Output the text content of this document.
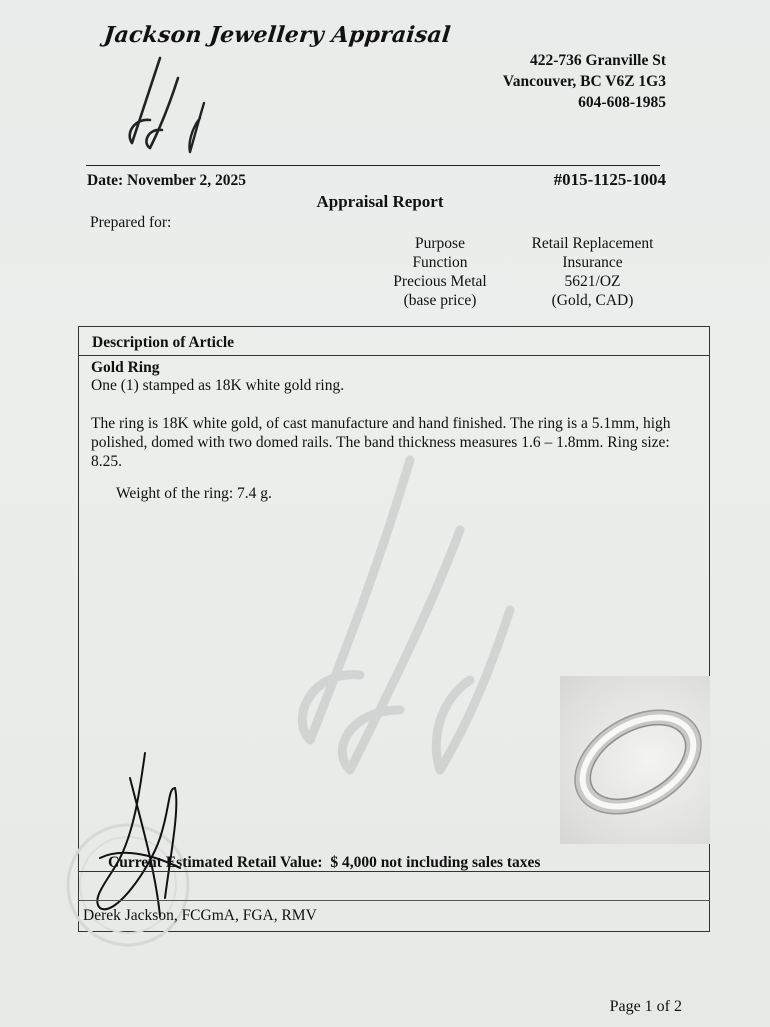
Jackson Jewellery Appraisal
422-736 Granville St
Vancouver, BC V6Z 1G3
604-608-1985
Date: November 2, 2025	#015-1125-1004
Appraisal Report
Prepared for:
Purpose
Function
Precious Metal
(base price)
Retail Replacement
Insurance
5621/OZ
(Gold, CAD)
Description of Article
Gold Ring

One (1) stamped as 18K white gold ring.

The ring is 18K white gold, of cast manufacture and hand finished. The ring is a 5.1mm, high polished, domed with two domed rails. The band thickness measures 1.6 – 1.8mm. Ring size: 8.25.

Weight of the ring: 7.4 g.
Current Estimated Retail Value: $ 4,000 not including sales taxes
Derek Jackson, FCGmA, FGA, RMV
Page 1 of 2
